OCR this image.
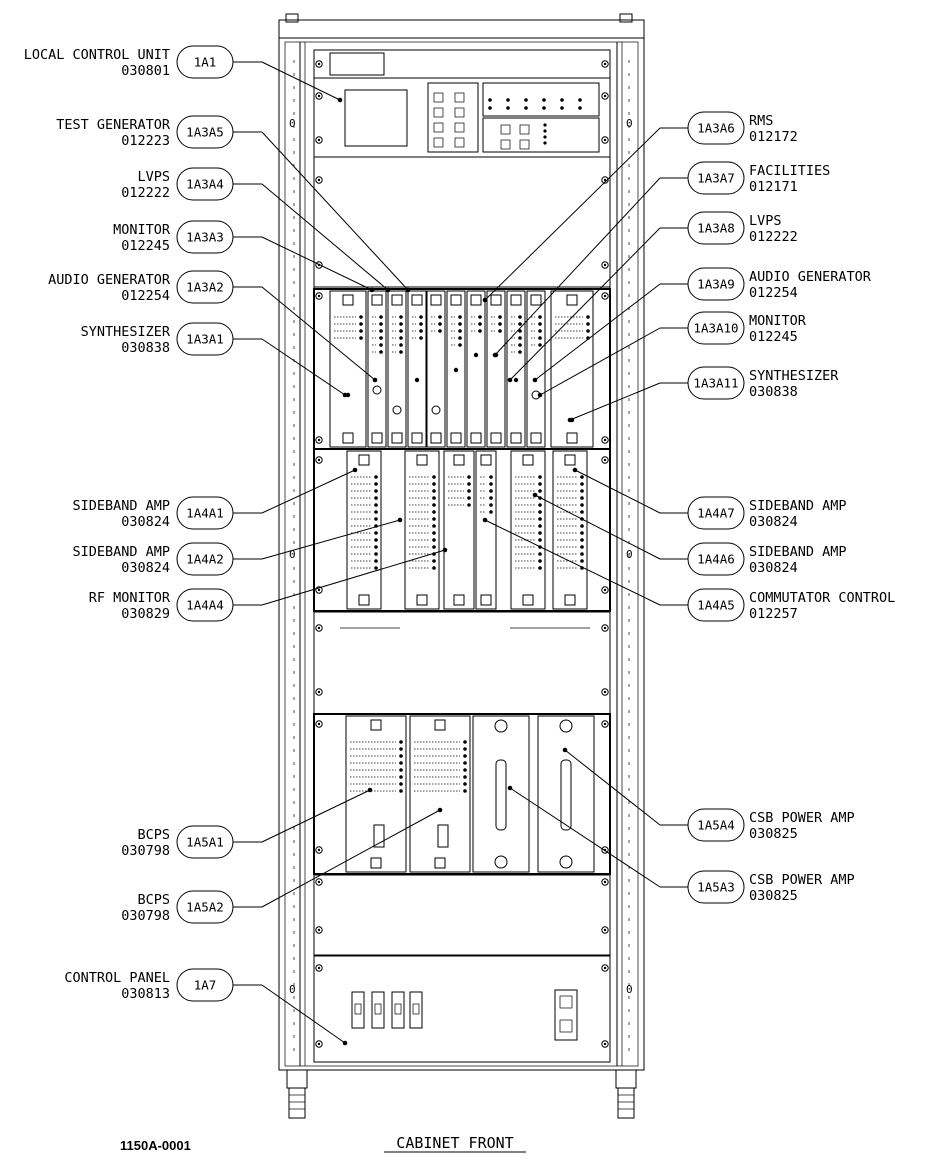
0	0
0	0
0	0
1A1
LOCAL CONTROL UNIT
030801
1A3A5
TEST GENERATOR
012223
1A3A4
LVPS
012222
1A3A3
MONITOR
012245
1A3A2
AUDIO GENERATOR
012254
1A3A1
SYNTHESIZER
030838
1A4A1
SIDEBAND AMP
030824
1A4A2
SIDEBAND AMP
030824
1A4A4
RF MONITOR
030829
1A5A1
BCPS
030798
1A5A2
BCPS
030798
1A7
CONTROL PANEL
030813
1A3A6 RMS
012172
1A3A7 FACILITIES
012171
1A3A8 LVPS
012222
1A3A9 AUDIO GENERATOR
012254
1A3A10 MONITOR
012245
1A3A11 SYNTHESIZER
030838
1A4A7 SIDEBAND AMP
030824
1A4A6 SIDEBAND AMP
030824
1A4A5 COMMUTATOR CONTROL
012257
1A5A4 CSB POWER AMP
030825
1A5A3 CSB POWER AMP
030825
1150A-0001	CABINET FRONT
